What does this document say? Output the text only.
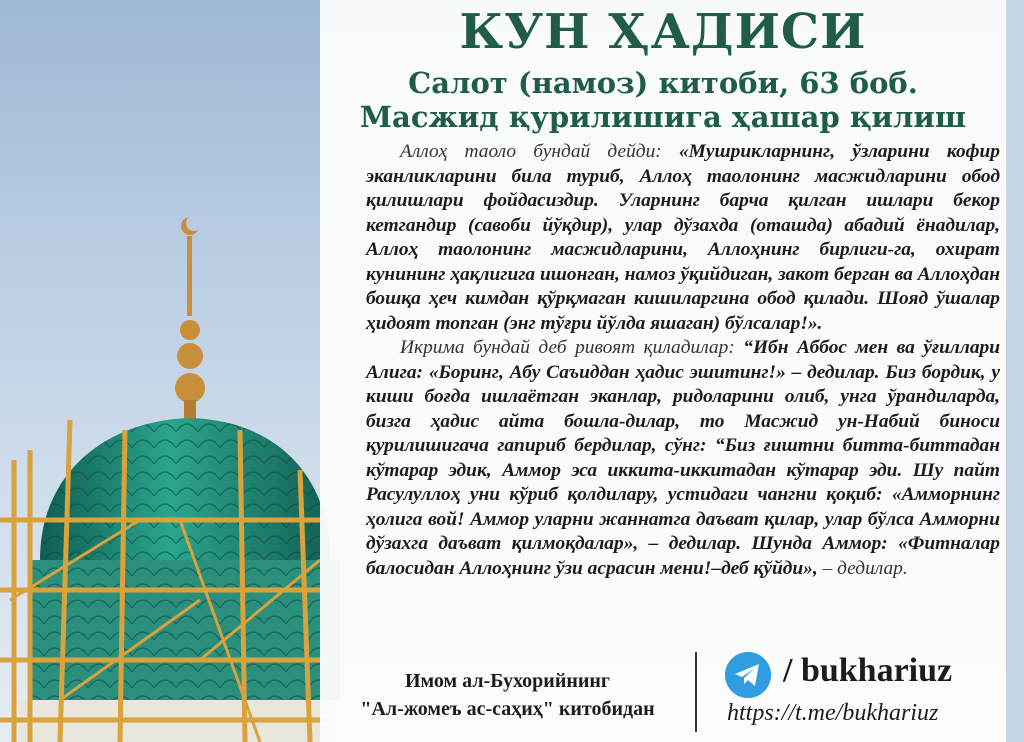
КУН ҲАДИСИ
Салот (намоз) китоби, 63 боб.
Масжид қурилишига ҳашар қилиш

Аллоҳ таоло бундай дейди: «Мушрикларнинг, ўзларини кофир эканликларини била туриб, Аллоҳ таолонинг масжидларини обод қилишлари фойдасиздир. Уларнинг барча қилган ишлари бекор кетгандир (савоби йўқдир), улар дўзахда (оташда) абадий ёнадилар, Аллоҳ таолонинг масжидларини, Аллоҳнинг бирлиги-га, охират кунининг ҳақлигига ишонган, намоз ўқийдиган, закот берган ва Аллоҳдан бошқа ҳеч кимдан қўрқмаган кишиларгина обод қилади. Шояд ўшалар ҳидоят топган (энг тўғри йўлда яшаган) бўлсалар!».

Икрима бундай деб ривоят қиладилар: “Ибн Аббос мен ва ўғиллари Алига: «Боринг, Абу Саъиддан ҳадис эшитинг!» – дедилар. Биз бордик, у киши боғда ишлаётган эканлар, ридоларини олиб, унга ўрандиларда, бизга ҳадис айта бошла-дилар, то Масжид ун-Набий биноси қурилишигача гапириб бердилар, сўнг: “Биз ғиштни битта-биттадан кўтарар эдик, Аммор эса иккита-иккитадан кўтарар эди. Шу пайт Расулуллоҳ уни кўриб қолдилару, устидаги чангни қоқиб: «Амморнинг ҳолига вой! Аммор уларни жаннатга даъват қилар, улар бўлса Амморни дўзахга даъват қилмоқдалар», – дедилар. Шунда Аммор: «Фитналар балосидан Аллоҳнинг ўзи асрасин мени!–деб қўйди», – дедилар.

Имом ал-Бухорийнинг
"Ал-жомеъ ас-саҳиҳ" китобидан
/ bukhariuz
https://t.me/bukhariuz
